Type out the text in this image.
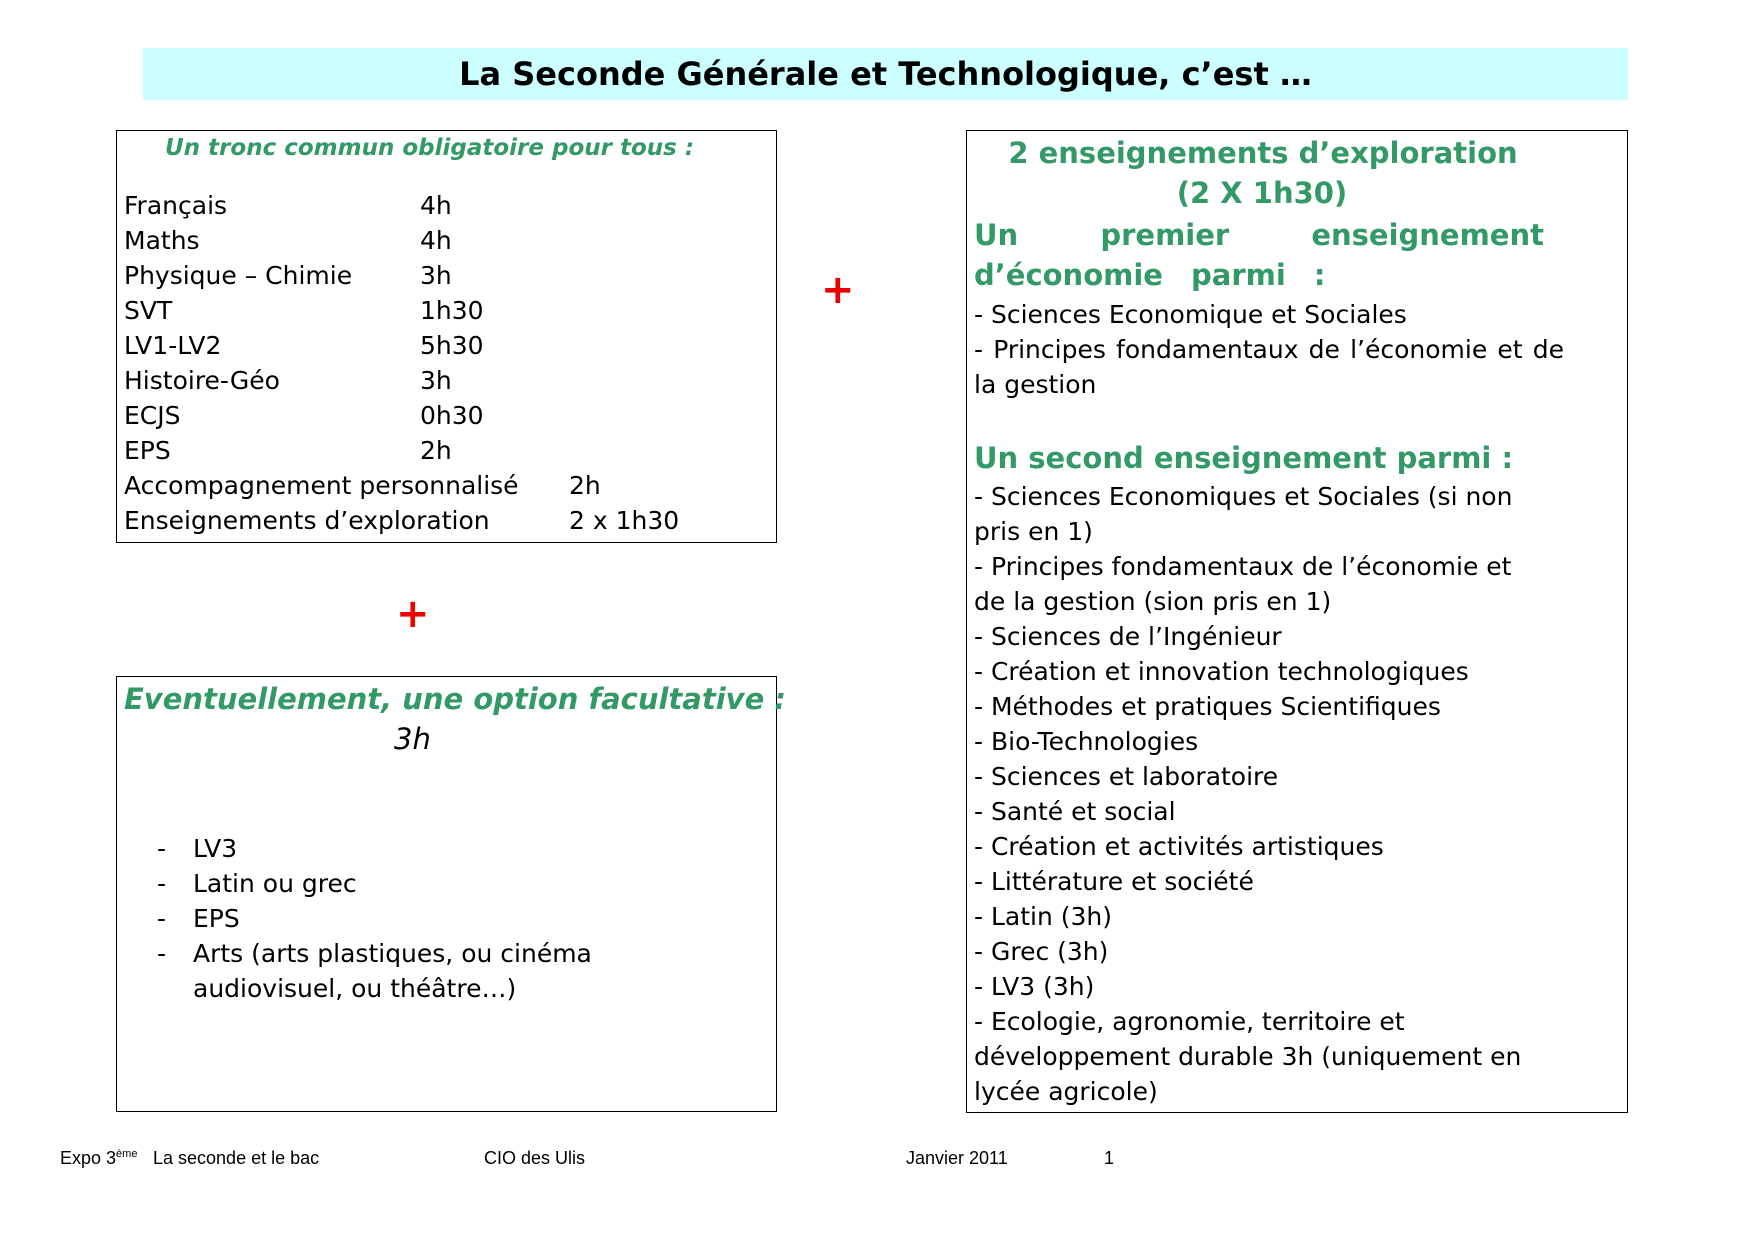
La Seconde Générale et Technologique, c’est …
Un tronc commun obligatoire pour tous :
Français	4h
Maths	4h
Physique – Chimie	3h
SVT	1h30
LV1-LV2	5h30
Histoire-Géo	3h
ECJS	0h30
EPS	2h
Accompagnement personnalisé 2h
Enseignements d’exploration	2 x 1h30
+
+
Eventuellement, une option facultative :
3h
- LV3
- Latin ou grec
- EPS
- Arts (arts plastiques, ou cinéma audiovisuel, ou théâtre…)
2 enseignements d’exploration
(2 X 1h30)
Un premier enseignement d’économie parmi :
- Sciences Economique et Sociales
- Principes fondamentaux de l’économie et de la gestion
Un second enseignement parmi :
- Sciences Economiques et Sociales (si non pris en 1)
- Principes fondamentaux de l’économie et de la gestion (sion pris en 1)
- Sciences de l’Ingénieur
- Création et innovation technologiques
- Méthodes et pratiques Scientifiques
- Bio-Technologies
- Sciences et laboratoire
- Santé et social
- Création et activités artistiques
- Littérature et société
- Latin (3h)
- Grec (3h)
- LV3 (3h)
- Ecologie, agronomie, territoire et développement durable 3h (uniquement en lycée agricole)
Expo 3ème La seconde et le bac	CIO des Ulis	Janvier 2011	1
